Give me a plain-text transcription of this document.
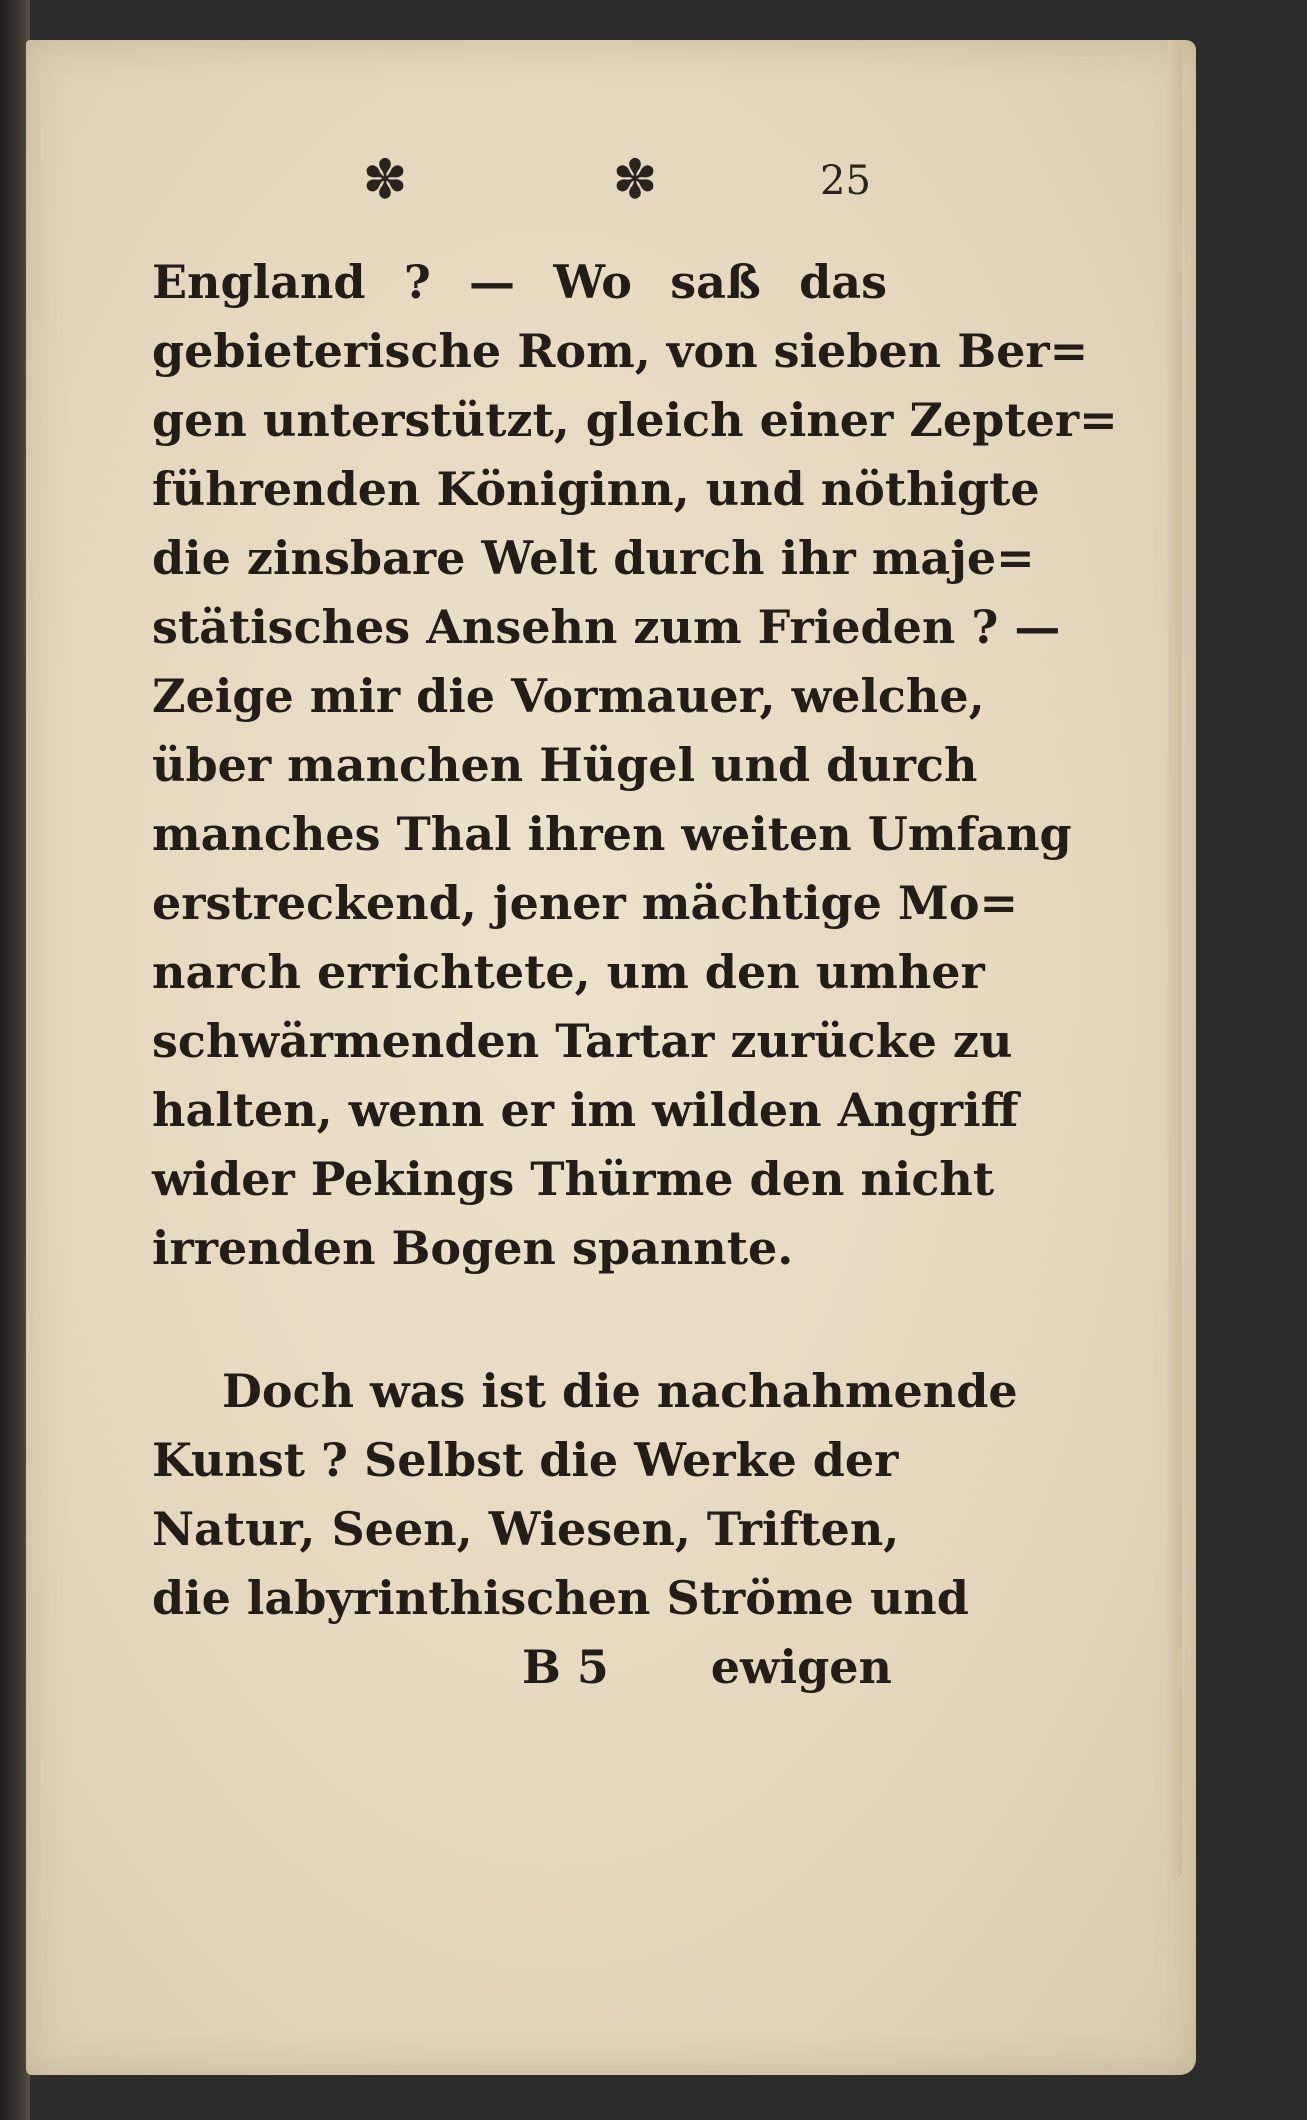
✽	✽	25
England ? — Wo saß das
gebieterische Rom, von sieben Ber=
gen unterstützt, gleich einer Zepter=
führenden Königinn, und nöthigte
die zinsbare Welt durch ihr maje=
stätisches Ansehn zum Frieden ? —
Zeige mir die Vormauer, welche,
über manchen Hügel und durch
manches Thal ihren weiten Umfang
erstreckend, jener mächtige Mo=
narch errichtete, um den umher
schwärmenden Tartar zurücke zu
halten, wenn er im wilden Angriff
wider Pekings Thürme den nicht
irrenden Bogen spannte.
Doch was ist die nachahmende
Kunst ? Selbst die Werke der
Natur, Seen, Wiesen, Triften,
die labyrinthischen Ströme und
B 5 ewigen
